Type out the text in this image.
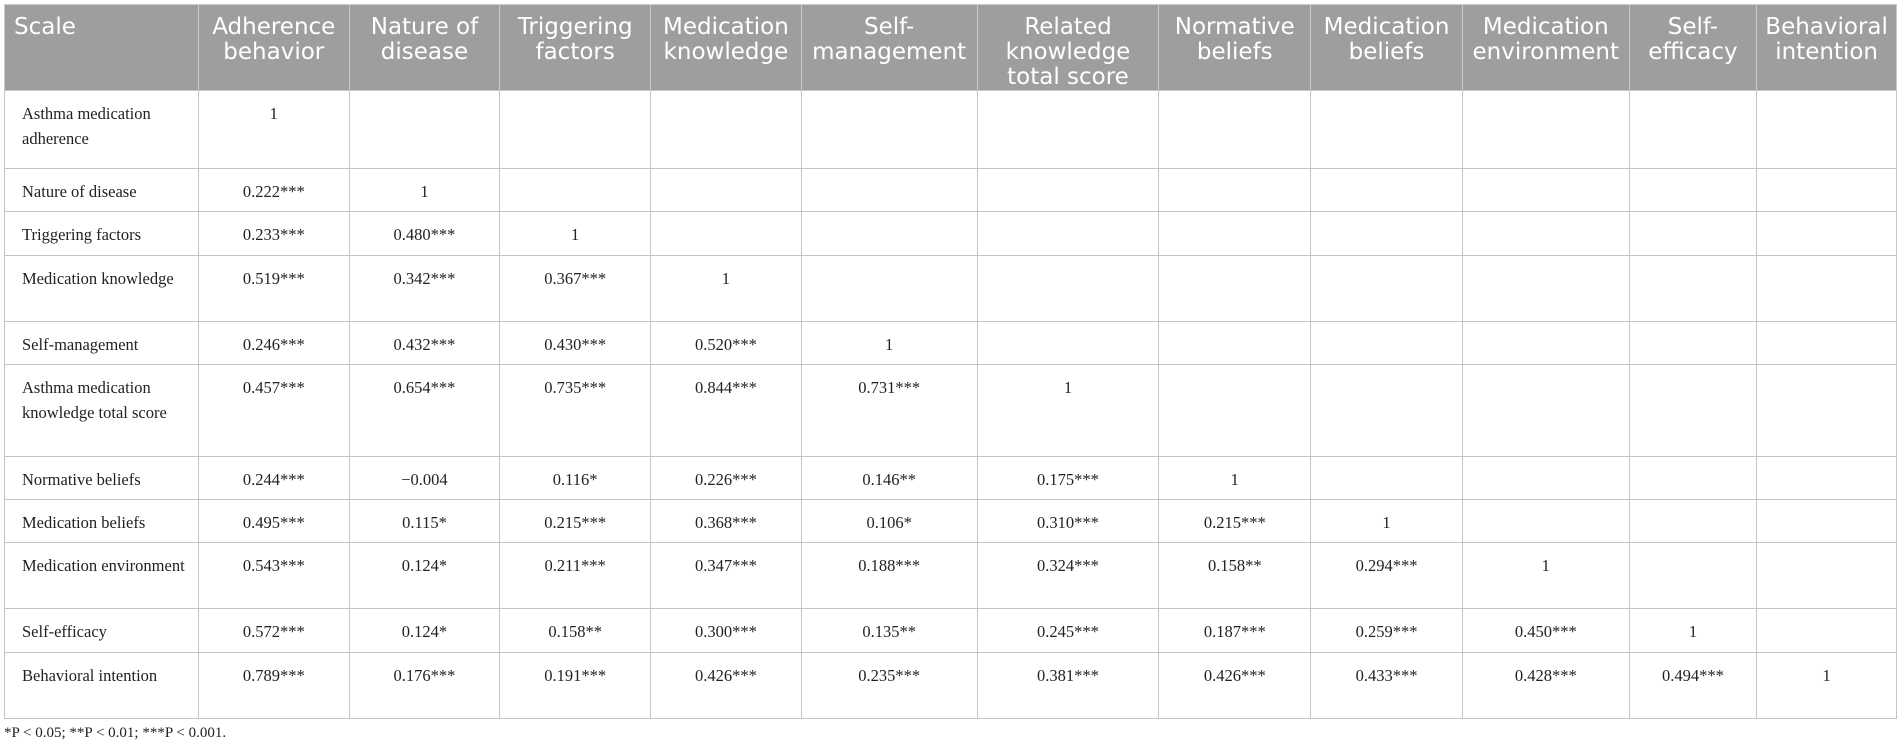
Scale	Adherence behavior	Nature of disease	Triggering factors	Medication knowledge	Self-management	Related knowledge total score	Normative beliefs	Medication beliefs	Medication environment	Self-efficacy	Behavioral intention
Asthma medication adherence	1										
Nature of disease	0.222***	1									
Triggering factors	0.233***	0.480***	1								
Medication knowledge	0.519***	0.342***	0.367***	1							
Self-management	0.246***	0.432***	0.430***	0.520***	1						
Asthma medication knowledge total score	0.457***	0.654***	0.735***	0.844***	0.731***	1					
Normative beliefs	0.244***	−0.004	0.116*	0.226***	0.146**	0.175***	1				
Medication beliefs	0.495***	0.115*	0.215***	0.368***	0.106*	0.310***	0.215***	1			
Medication environment	0.543***	0.124*	0.211***	0.347***	0.188***	0.324***	0.158**	0.294***	1		
Self-efficacy	0.572***	0.124*	0.158**	0.300***	0.135**	0.245***	0.187***	0.259***	0.450***	1	
Behavioral intention	0.789***	0.176***	0.191***	0.426***	0.235***	0.381***	0.426***	0.433***	0.428***	0.494***	1
*P < 0.05; **P < 0.01; ***P < 0.001.
